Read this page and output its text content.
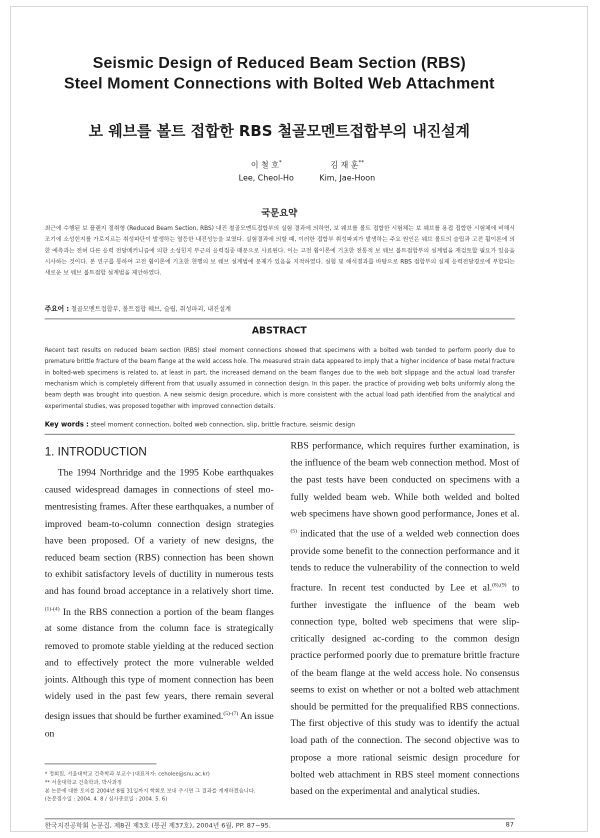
Seismic Design of Reduced Beam Section (RBS)
Steel Moment Connections with Bolted Web Attachment
보 웨브를 볼트 접합한 RBS 철골모멘트접합부의 내진설계
이 철 호*
Lee, Cheol-Ho
김 재 훈**
Kim, Jae-Hoon
국문요약
최근에 수행된 보 플랜지 절취형 (Reduced Beam Section, RBS) 내진 철골모멘트접합부의 실험 결과에 의하면, 보 웨브를 볼트 접합한 시험체는 보 웨브를 용접 접합한 시험체에 비해서 조기에 소성힌지를 가로지르는 취성파단이 발생하는 열등한 내진성능을 보였다. 실험결과에 의할 때, 이러한 접합부 취성파괴가 발생하는 주요 원인은 웨브 볼트의 슬립과 고전 휨이론에 의한 예측과는 전혀 다른 응력 전달메커니즘에 의한 소성힌지 부근의 응력집중 때문으로 사료된다. 이는 고전 휨이론에 기초한 전통적 보 웨브 볼트접합부의 설계법을 재검토할 필요가 있음을 시사하는 것이다. 본 연구를 통하여 고전 휨이론에 기초한 현행의 보 웨브 설계법에 문제가 있음을 지적하였다. 실험 및 해석결과를 바탕으로 RBS 접합부의 실제 응력전달경로에 부합되는 새로운 보 웨브 볼트접합 설계법을 제안하였다.
주요어 : 철골모멘트접합부, 볼트접합 웨브, 슬립, 취성파괴, 내진설계
ABSTRACT
Recent test results on reduced beam section (RBS) steel moment connections showed that specimens with a bolted web tended to perform poorly due to premature brittle fracture of the beam flange at the weld access hole. The measured strain data appeared to imply that a higher incidence of base metal fracture in bolted-web specimens is related to, at least in part, the increased demand on the beam flanges due to the web bolt slippage and the actual load transfer mechanism which is completely different from that usually assumed in connection design. In this paper, the practice of providing web bolts uniformly along the beam depth was brought into question. A new seismic design procedure, which is more consistent with the actual load path identified from the analytical and experimental studies, was proposed together with improved connection details.
Key words : steel moment connection, bolted web connection, slip, brittle fracture, seismic design
1. INTRODUCTION
The 1994 Northridge and the 1995 Kobe earthquakes caused widespread damages in connections of steel mo-mentresisting frames. After these earthquakes, a number of improved beam-to-column connection design strategies have been proposed. Of a variety of new designs, the reduced beam section (RBS) connection has been shown to exhibit satisfactory levels of ductility in numerous tests and has found broad acceptance in a relatively short time.$^{(1)-(4)}$ In the RBS connection a portion of the beam flanges at some distance from the column face is strategically removed to promote stable yielding at the reduced section and to effectively protect the more vulnerable welded joints. Although this type of moment connection has been widely used in the past few years, there remain several design issues that should be further examined.$^{(5)-(7)}$ An issue on
RBS performance, which requires further examination, is the influence of the beam web connection method. Most of the past tests have been conducted on specimens with a fully welded beam web. While both welded and bolted web specimens have shown good performance, Jones et al.$^{(5)}$ indicated that the use of a welded web connection does provide some benefit to the connection performance and it tends to reduce the vulnerability of the connection to weld fracture. In recent test conducted by Lee et al.$^{(8),(9)}$ to further investigate the influence of the beam web connection type, bolted web specimens that were slip-critically designed ac-cording to the common design practice performed poorly due to premature brittle fracture of the beam flange at the weld access hole. No consensus seems to exist on whether or not a bolted web attachment should be permitted for the prequalified RBS connections. The first objective of this study was to identify the actual load path of the connection. The second objective was to propose a more rational seismic design procedure for bolted web attachment in RBS steel moment connections based on the experimental and analytical studies.
* 정회원, 서울대학교 건축학과 부교수 (대표저자: ceholee@snu.ac.kr)
** 서울대학교 건축학과, 박사과정
본 논문에 대한 토의를 2004년 8월 31일까지 학회로 보내 주시면 그 결과를 게재하겠습니다.
(논문접수일 : 2004. 4. 8 / 심사종료일 : 2004. 5. 6)
한국지진공학회 논문집, 제8권 제3호 (통권 제37호), 2004년 6월, PP. 87~95.	87
